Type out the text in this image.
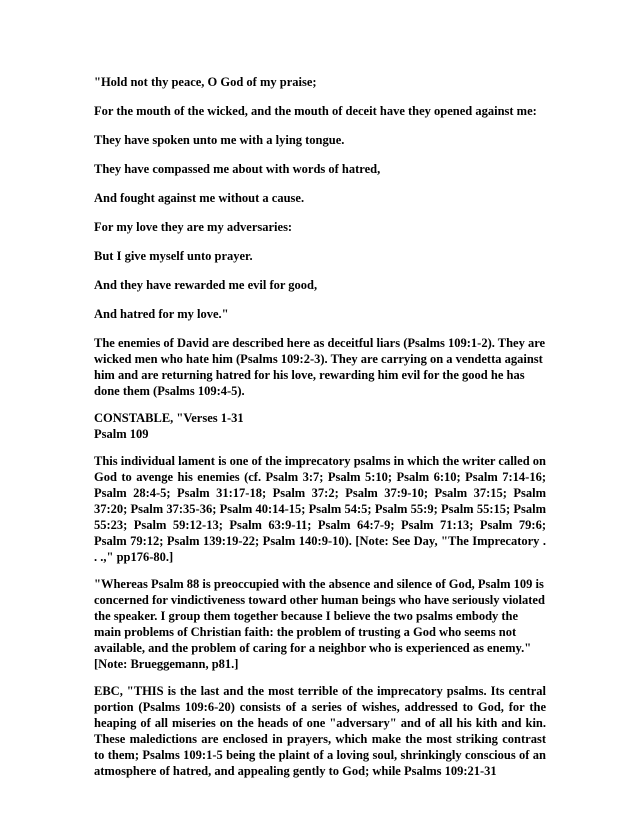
"Hold not thy peace, O God of my praise;

For the mouth of the wicked, and the mouth of deceit have they opened against me:

They have spoken unto me with a lying tongue.

They have compassed me about with words of hatred,

And fought against me without a cause.

For my love they are my adversaries:

But I give myself unto prayer.

And they have rewarded me evil for good,

And hatred for my love."

The enemies of David are described here as deceitful liars (Psalms 109:1-2). They are wicked men who hate him (Psalms 109:2-3). They are carrying on a vendetta against him and are returning hatred for his love, rewarding him evil for the good he has done them (Psalms 109:4-5).

CONSTABLE, "Verses 1-31
Psalm 109

This individual lament is one of the imprecatory psalms in which the writer called on God to avenge his enemies (cf. Psalm 3:7; Psalm 5:10; Psalm 6:10; Psalm 7:14-16; Psalm 28:4-5; Psalm 31:17-18; Psalm 37:2; Psalm 37:9-10; Psalm 37:15; Psalm 37:20; Psalm 37:35-36; Psalm 40:14-15; Psalm 54:5; Psalm 55:9; Psalm 55:15; Psalm 55:23; Psalm 59:12-13; Psalm 63:9-11; Psalm 64:7-9; Psalm 71:13; Psalm 79:6; Psalm 79:12; Psalm 139:19-22; Psalm 140:9-10). [Note: See Day, "The Imprecatory . . .," pp176-80.]

"Whereas Psalm 88 is preoccupied with the absence and silence of God, Psalm 109 is concerned for vindictiveness toward other human beings who have seriously violated the speaker. I group them together because I believe the two psalms embody the main problems of Christian faith: the problem of trusting a God who seems not available, and the problem of caring for a neighbor who is experienced as enemy." [Note: Brueggemann, p81.]

EBC, "THIS is the last and the most terrible of the imprecatory psalms. Its central portion (Psalms 109:6-20) consists of a series of wishes, addressed to God, for the heaping of all miseries on the heads of one "adversary" and of all his kith and kin. These maledictions are enclosed in prayers, which make the most striking contrast to them; Psalms 109:1-5 being the plaint of a loving soul, shrinkingly conscious of an atmosphere of hatred, and appealing gently to God; while Psalms 109:21-31
